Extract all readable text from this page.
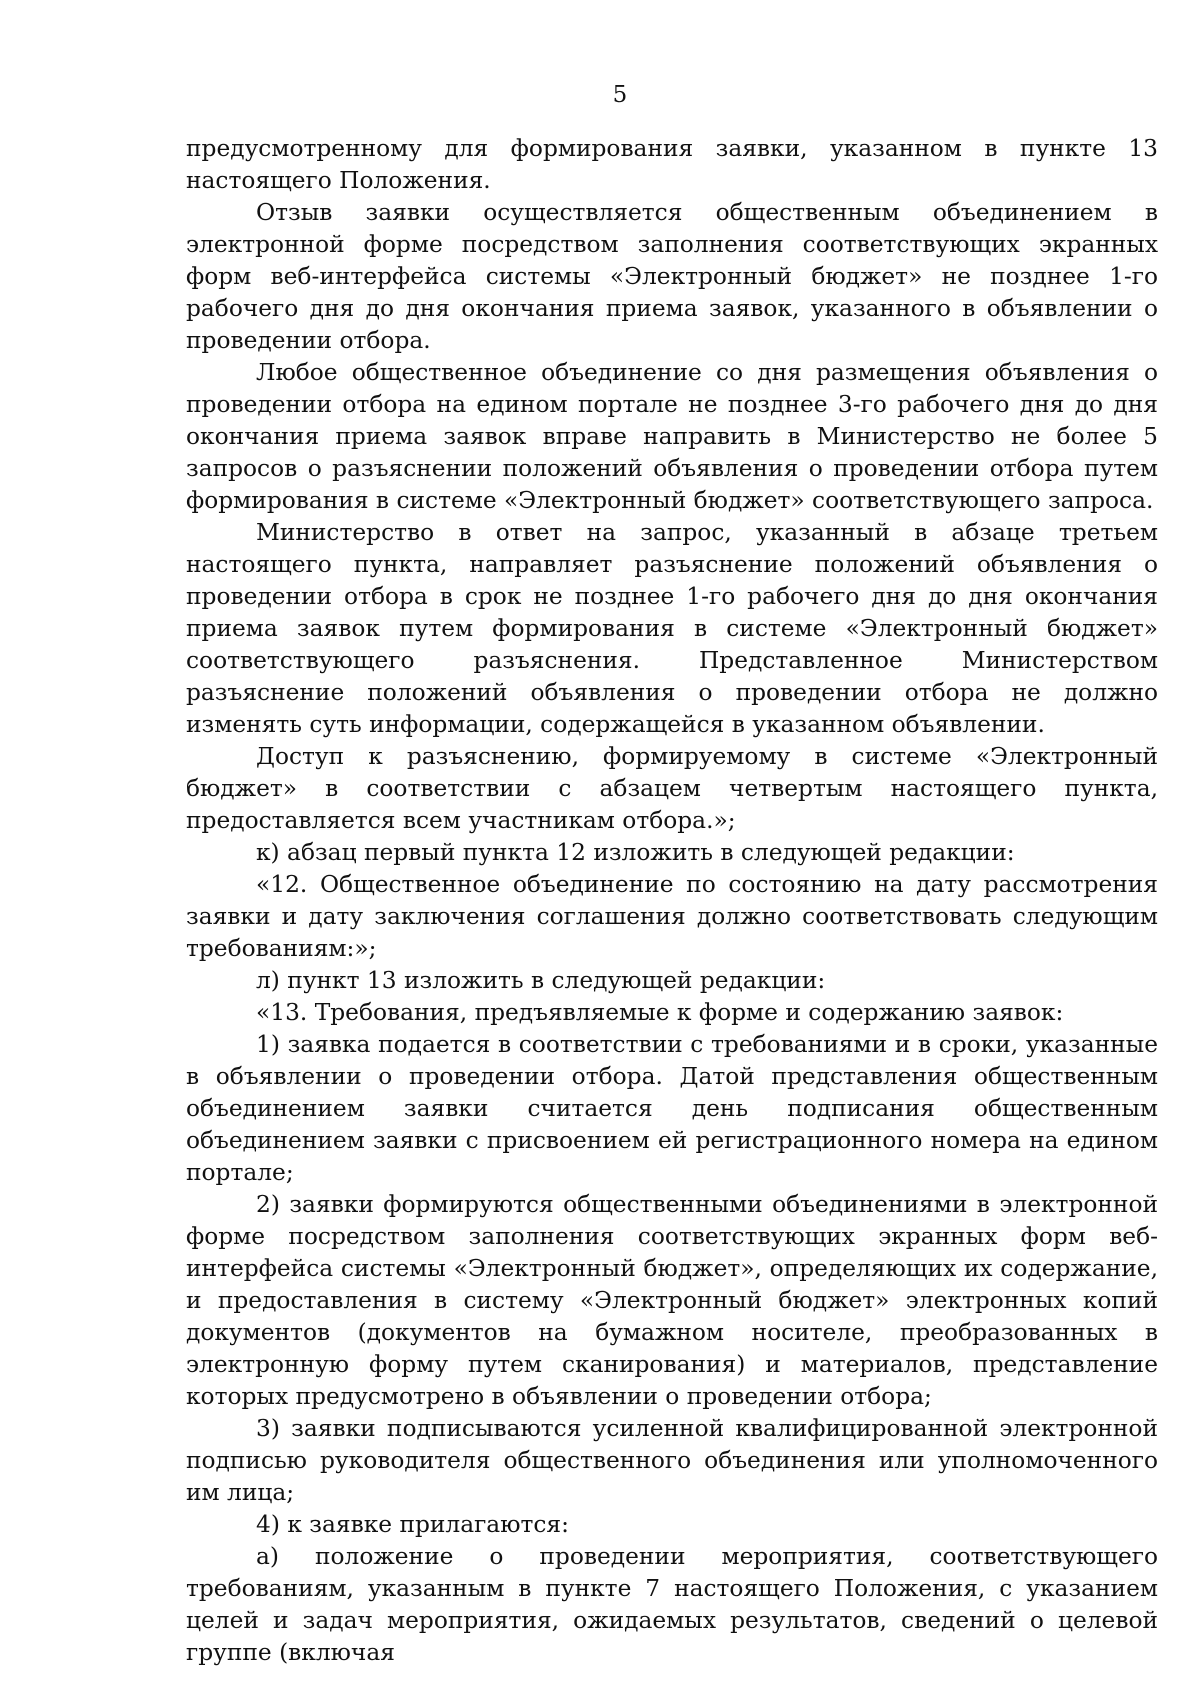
5

предусмотренному для формирования заявки, указанном в пункте 13 настоящего Положения.

Отзыв заявки осуществляется общественным объединением в электронной форме посредством заполнения соответствующих экранных форм веб-интерфейса системы «Электронный бюджет» не позднее 1-го рабочего дня до дня окончания приема заявок, указанного в объявлении о проведении отбора.

Любое общественное объединение со дня размещения объявления о проведении отбора на едином портале не позднее 3-го рабочего дня до дня окончания приема заявок вправе направить в Министерство не более 5 запросов о разъяснении положений объявления о проведении отбора путем формирования в системе «Электронный бюджет» соответствующего запроса.

Министерство в ответ на запрос, указанный в абзаце третьем настоящего пункта, направляет разъяснение положений объявления о проведении отбора в срок не позднее 1-го рабочего дня до дня окончания приема заявок путем формирования в системе «Электронный бюджет» соответствующего разъяснения. Представленное Министерством разъяснение положений объявления о проведении отбора не должно изменять суть информации, содержащейся в указанном объявлении.

Доступ к разъяснению, формируемому в системе «Электронный бюджет» в соответствии с абзацем четвертым настоящего пункта, предоставляется всем участникам отбора.»;

к) абзац первый пункта 12 изложить в следующей редакции:

«12. Общественное объединение по состоянию на дату рассмотрения заявки и дату заключения соглашения должно соответствовать следующим требованиям:»;

л) пункт 13 изложить в следующей редакции:

«13. Требования, предъявляемые к форме и содержанию заявок:

1) заявка подается в соответствии с требованиями и в сроки, указанные в объявлении о проведении отбора. Датой представления общественным объединением заявки считается день подписания общественным объединением заявки с присвоением ей регистрационного номера на едином портале;

2) заявки формируются общественными объединениями в электронной форме посредством заполнения соответствующих экранных форм веб-интерфейса системы «Электронный бюджет», определяющих их содержание, и предоставления в систему «Электронный бюджет» электронных копий документов (документов на бумажном носителе, преобразованных в электронную форму путем сканирования) и материалов, представление которых предусмотрено в объявлении о проведении отбора;

3) заявки подписываются усиленной квалифицированной электронной подписью руководителя общественного объединения или уполномоченного им лица;

4) к заявке прилагаются:

а) положение о проведении мероприятия, соответствующего требованиям, указанным в пункте 7 настоящего Положения, с указанием целей и задач мероприятия, ожидаемых результатов, сведений о целевой группе (включая
